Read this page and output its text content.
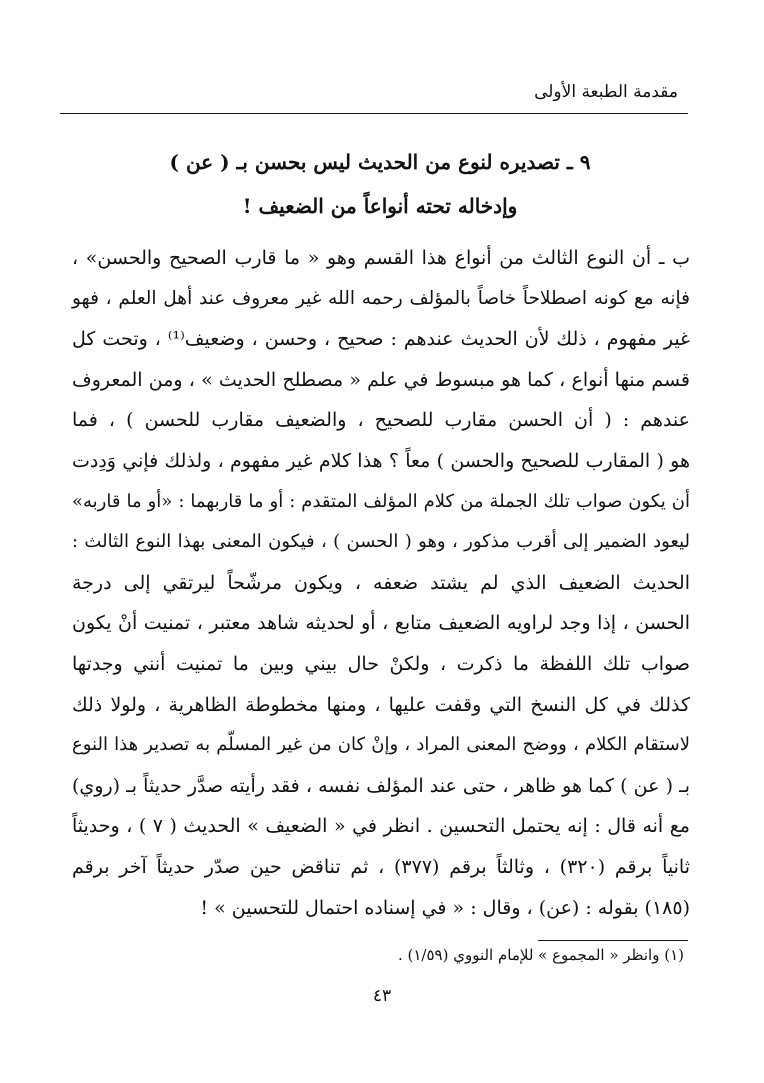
مقدمة الطبعة الأولى
٩ ـ تصديره لنوع من الحديث ليس بحسن بـ ( عن )
وإدخاله تحته أنواعاً من الضعيف !
ب ـ أن النوع الثالث من أنواع هذا القسم وهو « ما قارب الصحيح والحسن» ،
فإنه مع كونه اصطلاحاً خاصاً بالمؤلف رحمه الله غير معروف عند أهل العلم ، فهو
غير مفهوم ، ذلك لأن الحديث عندهم : صحيح ، وحسن ، وضعيف⁽¹⁾ ، وتحت كل
قسم منها أنواع ، كما هو مبسوط في علم « مصطلح الحديث » ، ومن المعروف
عندهم : ( أن الحسن مقارب للصحيح ، والضعيف مقارب للحسن ) ، فما
هو ( المقارب للصحيح والحسن ) معاً ؟ هذا كلام غير مفهوم ، ولذلك فإني وَدِدت
أن يكون صواب تلك الجملة من كلام المؤلف المتقدم : أو ما قاربهما : «أو ما قاربه»
ليعود الضمير إلى أقرب مذكور ، وهو ( الحسن ) ، فيكون المعنى بهذا النوع الثالث :
الحديث الضعيف الذي لم يشتد ضعفه ، ويكون مرشّحاً ليرتقي إلى درجة
الحسن ، إذا وجد لراويه الضعيف متابع ، أو لحديثه شاهد معتبر ، تمنيت أنْ يكون
صواب تلك اللفظة ما ذكرت ، ولكنْ حال بيني وبين ما تمنيت أنني وجدتها
كذلك في كل النسخ التي وقفت عليها ، ومنها مخطوطة الظاهرية ، ولولا ذلك
لاستقام الكلام ، ووضح المعنى المراد ، وإنْ كان من غير المسلّم به تصدير هذا النوع
بـ ( عن ) كما هو ظاهر ، حتى عند المؤلف نفسه ، فقد رأيته صدَّر حديثاً بـ (روي)
مع أنه قال : إنه يحتمل التحسين . انظر في « الضعيف » الحديث ( ٧ ) ، وحديثاً
ثانياً برقم (٣٢٠) ، وثالثاً برقم (٣٧٧) ، ثم تناقض حين صدّر حديثاً آخر برقم
(١٨٥) بقوله : (عن) ، وقال : « في إسناده احتمال للتحسين » !
(١) وانظر « المجموع » للإمام النووي (١/٥٩) .
٤٣
